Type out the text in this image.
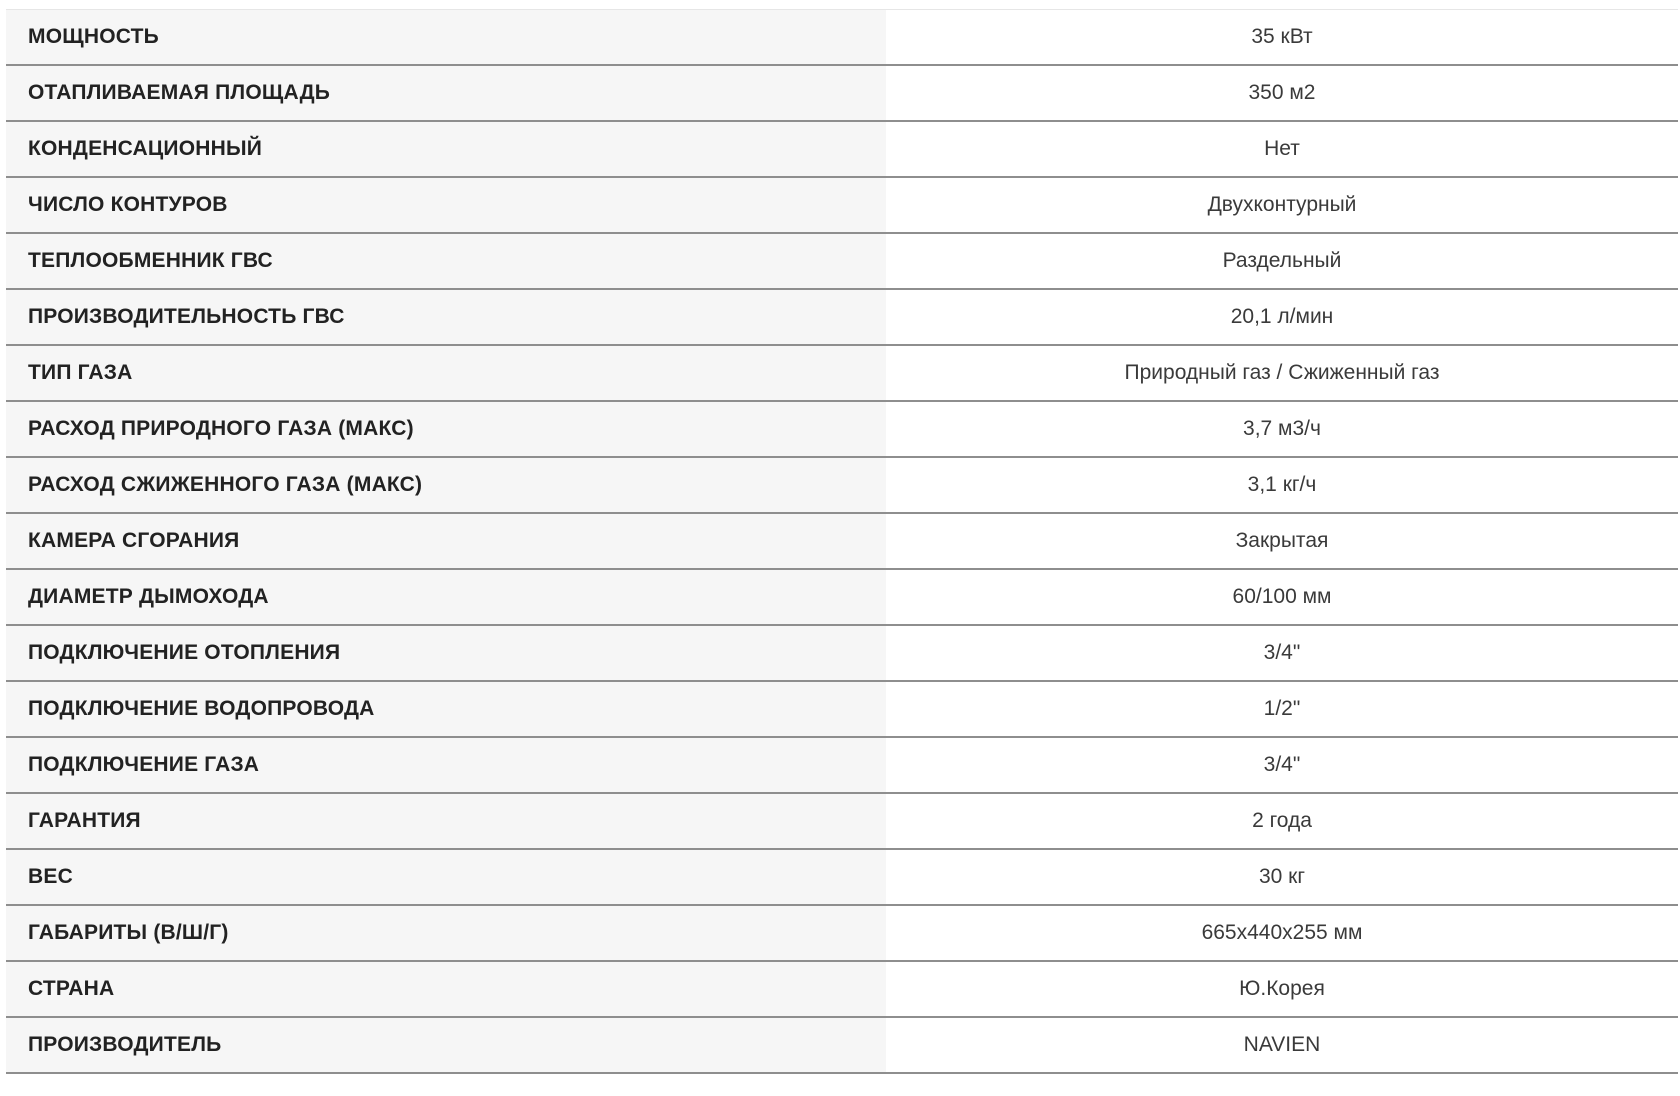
МОЩНОСТЬ	35 кВт
ОТАПЛИВАЕМАЯ ПЛОЩАДЬ	350 м2
КОНДЕНСАЦИОННЫЙ	Нет
ЧИСЛО КОНТУРОВ	Двухконтурный
ТЕПЛООБМЕННИК ГВС	Раздельный
ПРОИЗВОДИТЕЛЬНОСТЬ ГВС	20,1 л/мин
ТИП ГАЗА	Природный газ / Сжиженный газ
РАСХОД ПРИРОДНОГО ГАЗА (МАКС)	3,7 м3/ч
РАСХОД СЖИЖЕННОГО ГАЗА (МАКС)	3,1 кг/ч
КАМЕРА СГОРАНИЯ	Закрытая
ДИАМЕТР ДЫМОХОДА	60/100 мм
ПОДКЛЮЧЕНИЕ ОТОПЛЕНИЯ	3/4"
ПОДКЛЮЧЕНИЕ ВОДОПРОВОДА	1/2"
ПОДКЛЮЧЕНИЕ ГАЗА	3/4"
ГАРАНТИЯ	2 года
ВЕС	30 кг
ГАБАРИТЫ (В/Ш/Г)	665х440х255 мм
СТРАНА	Ю.Корея
ПРОИЗВОДИТЕЛЬ	NAVIEN
